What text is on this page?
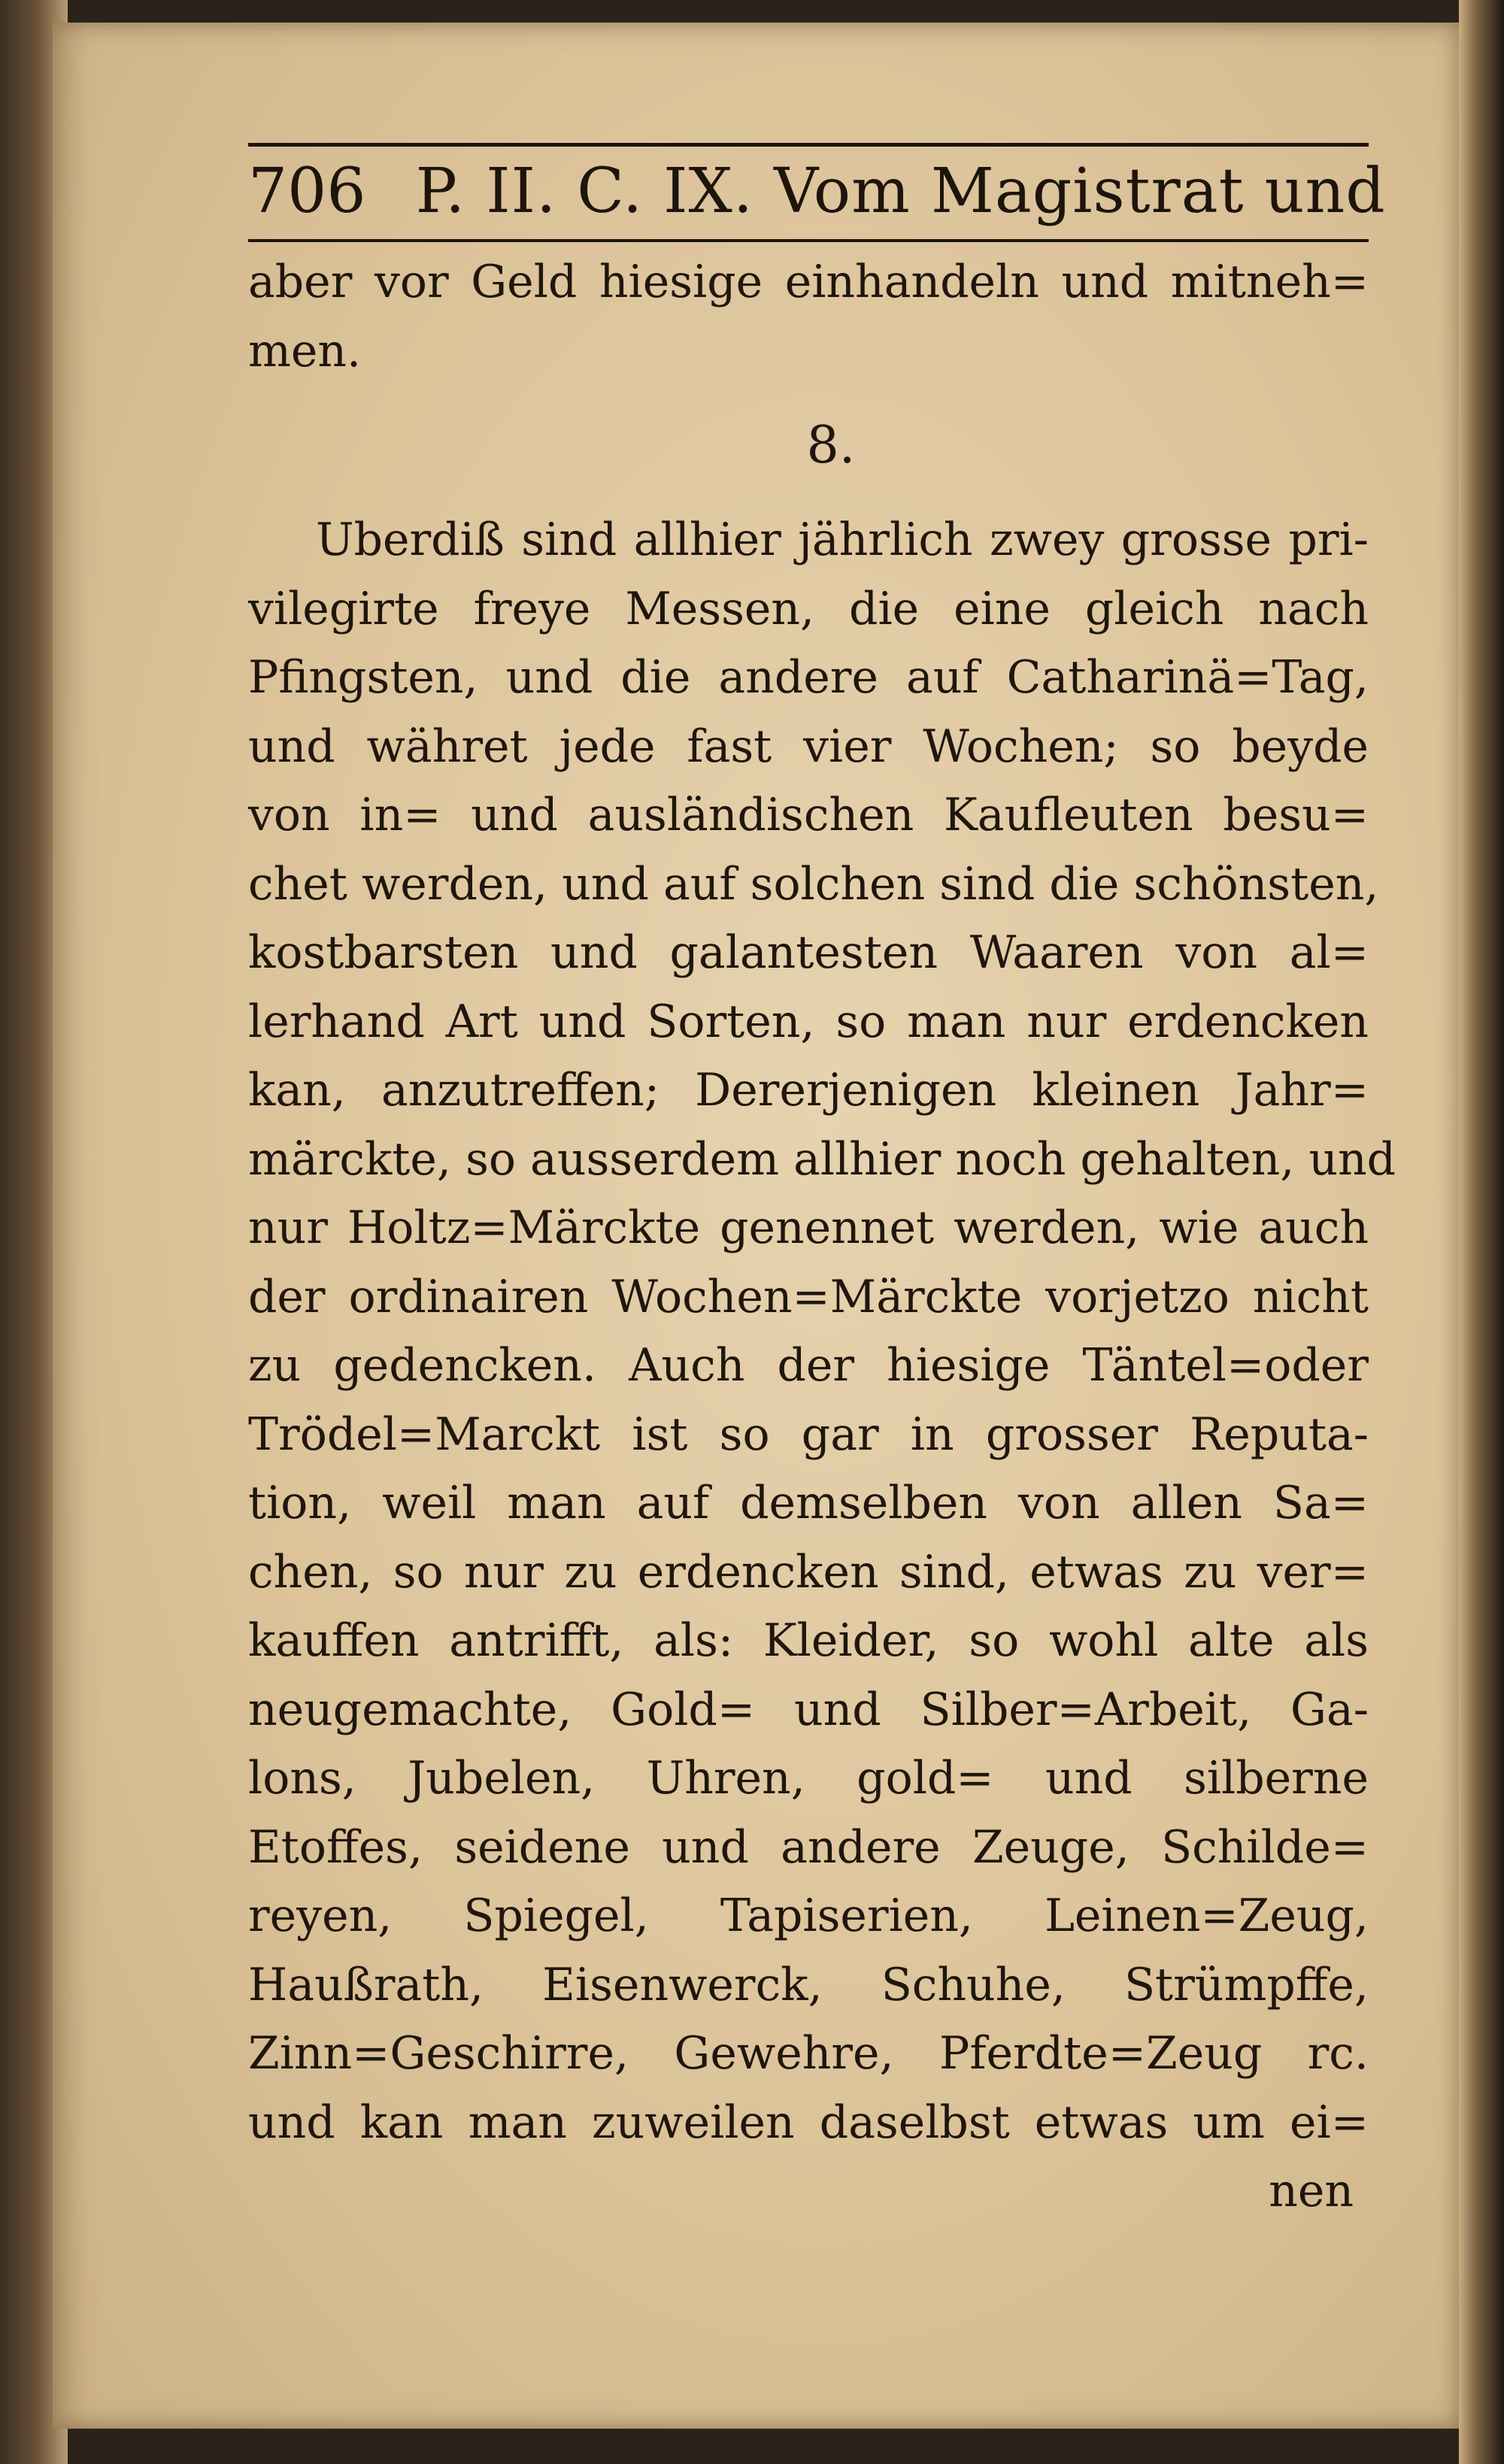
706 P. II. C. IX. Vom Magistrat und
aber vor Geld hiesige einhandeln und mitneh=
men.
8.
Uberdiß sind allhier jährlich zwey grosse pri-
vilegirte freye Messen, die eine gleich nach
Pfingsten, und die andere auf Catharinä=Tag,
und währet jede fast vier Wochen; so beyde
von in= und ausländischen Kaufleuten besu=
chet werden, und auf solchen sind die schönsten,
kostbarsten und galantesten Waaren von al=
lerhand Art und Sorten, so man nur erdencken
kan, anzutreffen; Dererjenigen kleinen Jahr=
märckte, so ausserdem allhier noch gehalten, und
nur Holtz=Märckte genennet werden, wie auch
der ordinairen Wochen=Märckte vorjetzo nicht
zu gedencken. Auch der hiesige Täntel=oder
Trödel=Marckt ist so gar in grosser Reputa-
tion, weil man auf demselben von allen Sa=
chen, so nur zu erdencken sind, etwas zu ver=
kauffen antrifft, als: Kleider, so wohl alte als
neugemachte, Gold= und Silber=Arbeit, Ga-
lons, Jubelen, Uhren, gold= und silberne
Etoffes, seidene und andere Zeuge, Schilde=
reyen, Spiegel, Tapiserien, Leinen=Zeug,
Haußrath, Eisenwerck, Schuhe, Strümpffe,
Zinn=Geschirre, Gewehre, Pferdte=Zeug rc.
und kan man zuweilen daselbst etwas um ei=
nen
